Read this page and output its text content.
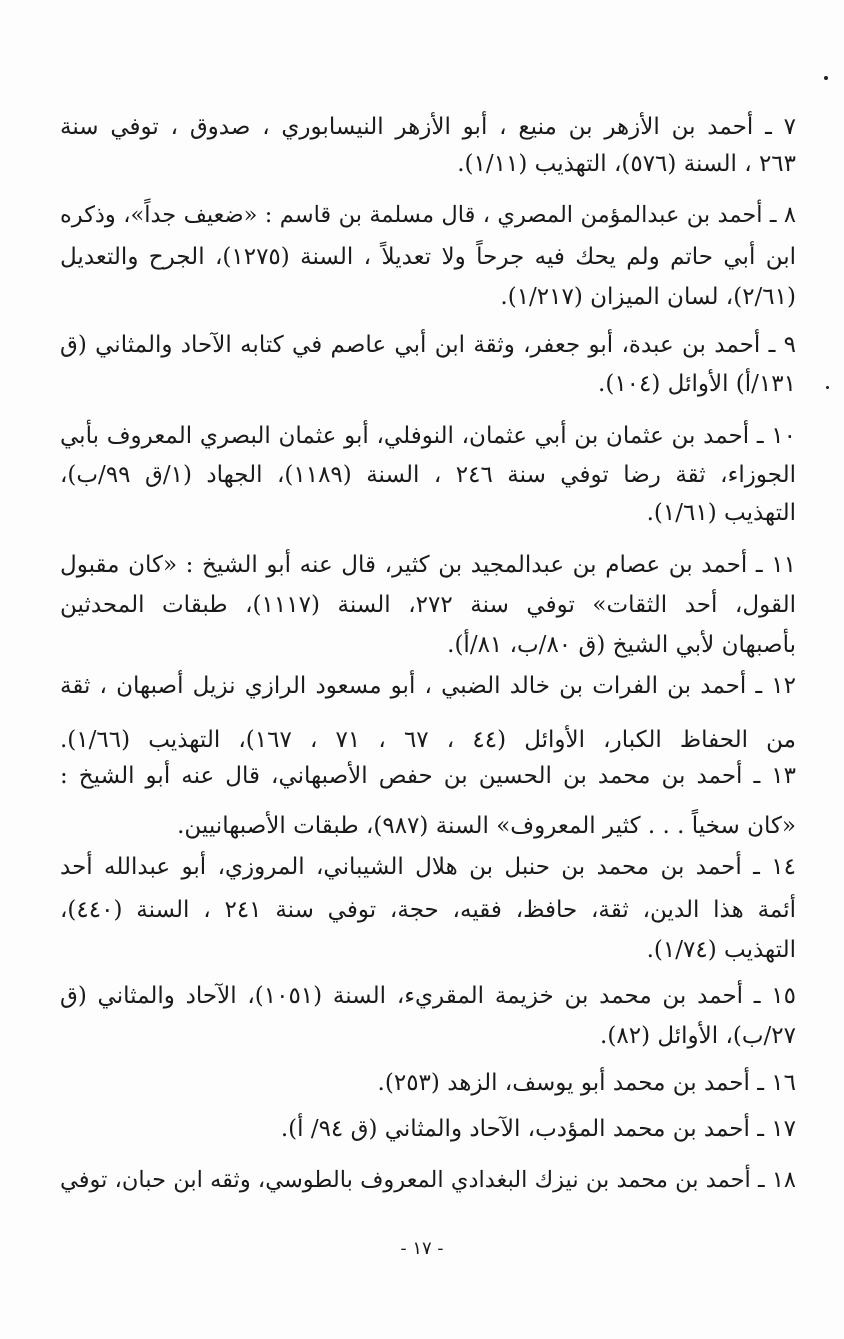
٧ ـ أحمد بن الأزهر بن منيع ، أبو الأزهر النيسابوري ، صدوق ، توفي سنة
٢٦٣ ، السنة (٥٧٦)، التهذيب (١/١١).
٨ ـ أحمد بن عبدالمؤمن المصري ، قال مسلمة بن قاسم : «ضعيف جداً»، وذكره
ابن أبي حاتم ولم يحك فيه جرحاً ولا تعديلاً ، السنة (١٢٧٥)، الجرح والتعديل
(٢/٦١)، لسان الميزان (١/٢١٧).
٩ ـ أحمد بن عبدة، أبو جعفر، وثقة ابن أبي عاصم في كتابه الآحاد والمثاني (ق
١٣١/أ) الأوائل (١٠٤).
١٠ ـ أحمد بن عثمان بن أبي عثمان، النوفلي، أبو عثمان البصري المعروف بأبي
الجوزاء، ثقة رضا توفي سنة ٢٤٦ ، السنة (١١٨٩)، الجهاد (١/ق ٩٩/ب)،
التهذيب (١/٦١).
١١ ـ أحمد بن عصام بن عبدالمجيد بن كثير، قال عنه أبو الشيخ : «كان مقبول
القول، أحد الثقات» توفي سنة ٢٧٢، السنة (١١١٧)، طبقات المحدثين
بأصبهان لأبي الشيخ (ق ٨٠/ب، ٨١/أ).
١٢ ـ أحمد بن الفرات بن خالد الضبي ، أبو مسعود الرازي نزيل أصبهان ، ثقة
من الحفاظ الكبار، الأوائل (٤٤ ، ٦٧ ، ٧١ ، ١٦٧)، التهذيب (١/٦٦).
١٣ ـ أحمد بن محمد بن الحسين بن حفص الأصبهاني، قال عنه أبو الشيخ :
«كان سخياً . . . كثير المعروف» السنة (٩٨٧)، طبقات الأصبهانيين.
١٤ ـ أحمد بن محمد بن حنبل بن هلال الشيباني، المروزي، أبو عبدالله أحد
أئمة هذا الدين، ثقة، حافظ، فقيه، حجة، توفي سنة ٢٤١ ، السنة (٤٤٠)،
التهذيب (١/٧٤).
١٥ ـ أحمد بن محمد بن خزيمة المقريء، السنة (١٠٥١)، الآحاد والمثاني (ق
٢٧/ب)، الأوائل (٨٢).
١٦ ـ أحمد بن محمد أبو يوسف، الزهد (٢٥٣).
١٧ ـ أحمد بن محمد المؤدب، الآحاد والمثاني (ق ٩٤/ أ).
١٨ ـ أحمد بن محمد بن نيزك البغدادي المعروف بالطوسي، وثقه ابن حبان، توفي
- ١٧ -
